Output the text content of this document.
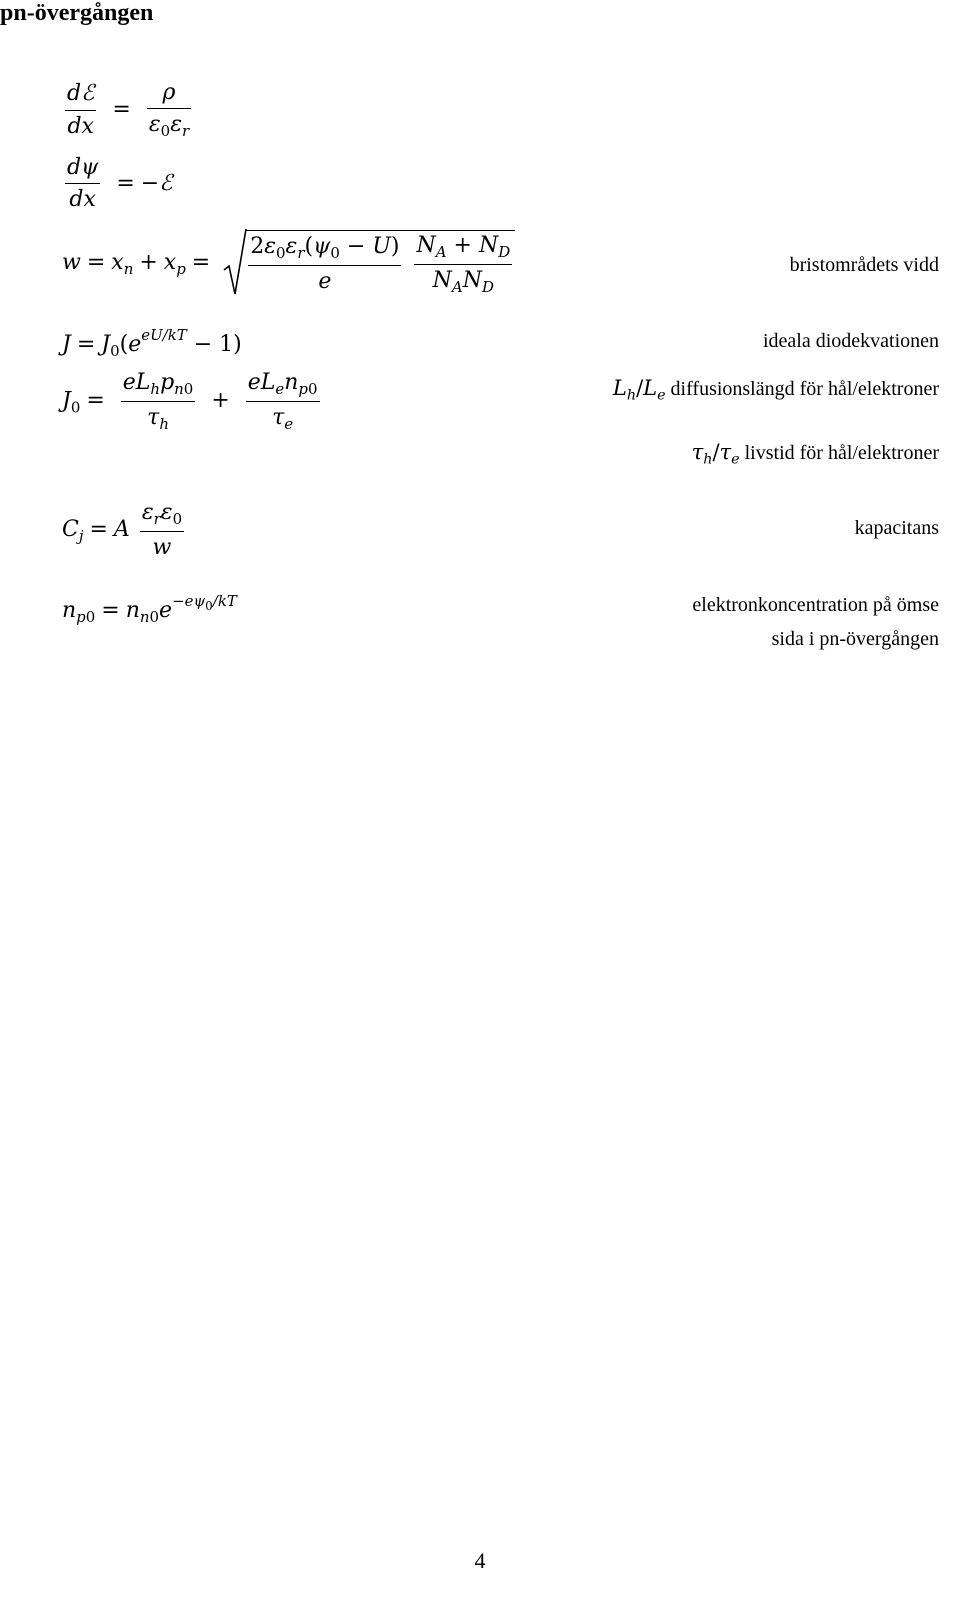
pn-övergången
$\frac{\text{dℰ}}{dx} = \frac{\rho}{\varepsilon_0\varepsilon_r}$
$\frac{d\psi}{dx}$ = −ℰ
$w = x_n + x_p = \frac{2\varepsilon_0\varepsilon_r(\psi_0 - U)}{e}$
$\frac{N_A + N_D}{N_AN_D}$	bristområdets vidd
$J = J_0(e^{eU/kT} - 1)$	ideala diodekvationen
$J_0 = \frac{eL_hp_{n0}}{\tau_h} + \frac{eL_en_{p0}}{\tau_e}$	$L_h/L_e$ diffusionslängd för hål/elektroner
$\tau_h/\tau_e$ livstid för hål/elektroner
$C_j = A \frac{\varepsilon_r\varepsilon_0}{w}$	kapacitans
$n_{p0} = n_{n0}e^{-e\psi_0/kT}$	elektronkoncentration på ömse
sida i pn-övergången
4
